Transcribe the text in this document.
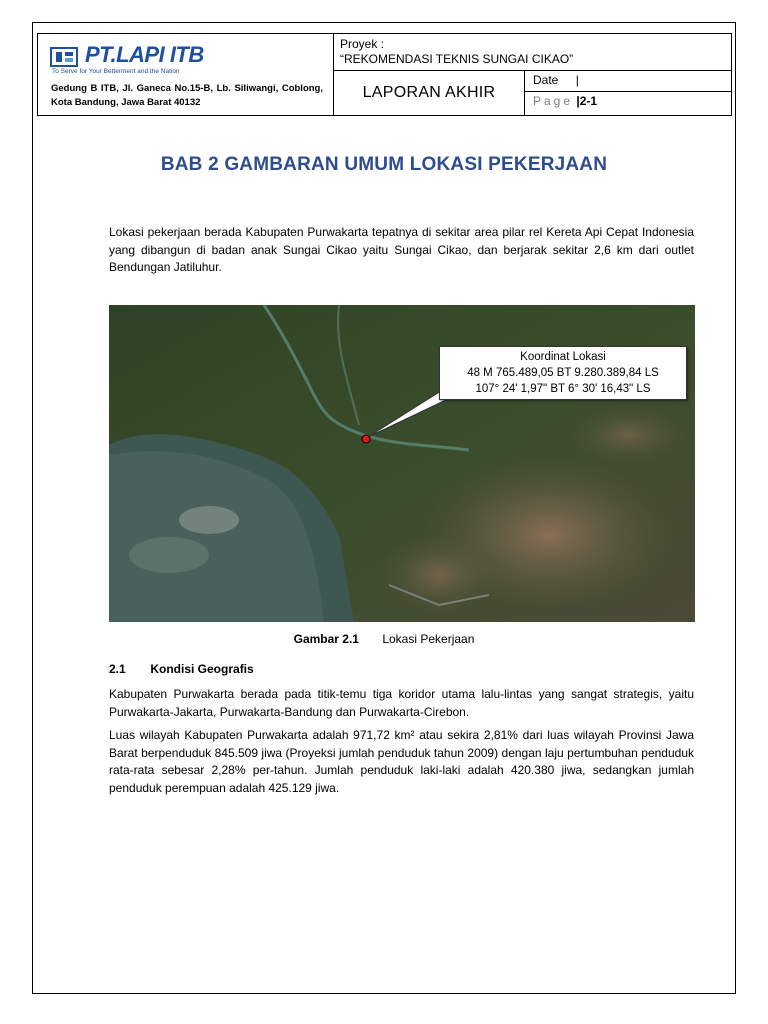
PT.LAPI ITB
To Serve for Your Betterment and the Nation
Gedung B ITB, Jl. Ganeca No.15-B, Lb. Siliwangi, Coblong, Kota Bandung, Jawa Barat 40132
Proyek :
“REKOMENDASI TEKNIS SUNGAI CIKAO”
LAPORAN AKHIR
Date |
Page |2-1
BAB 2 GAMBARAN UMUM LOKASI PEKERJAAN
Lokasi pekerjaan berada Kabupaten Purwakarta tepatnya di sekitar area pilar rel Kereta Api Cepat Indonesia yang dibangun di badan anak Sungai Cikao yaitu Sungai Cikao, dan berjarak sekitar 2,6 km dari outlet Bendungan Jatiluhur.
Koordinat Lokasi
48 M 765.489,05 BT 9.280.389,84 LS
107° 24' 1,97" BT 6° 30' 16,43" LS
Gambar 2.1 Lokasi Pekerjaan
2.1 Kondisi Geografis
Kabupaten Purwakarta berada pada titik-temu tiga koridor utama lalu-lintas yang sangat strategis, yaitu Purwakarta-Jakarta, Purwakarta-Bandung dan Purwakarta-Cirebon.
Luas wilayah Kabupaten Purwakarta adalah 971,72 km² atau sekira 2,81% dari luas wilayah Provinsi Jawa Barat berpenduduk 845.509 jiwa (Proyeksi jumlah penduduk tahun 2009) dengan laju pertumbuhan penduduk rata-rata sebesar 2,28% per-tahun. Jumlah penduduk laki-laki adalah 420.380 jiwa, sedangkan jumlah penduduk perempuan adalah 425.129 jiwa.
